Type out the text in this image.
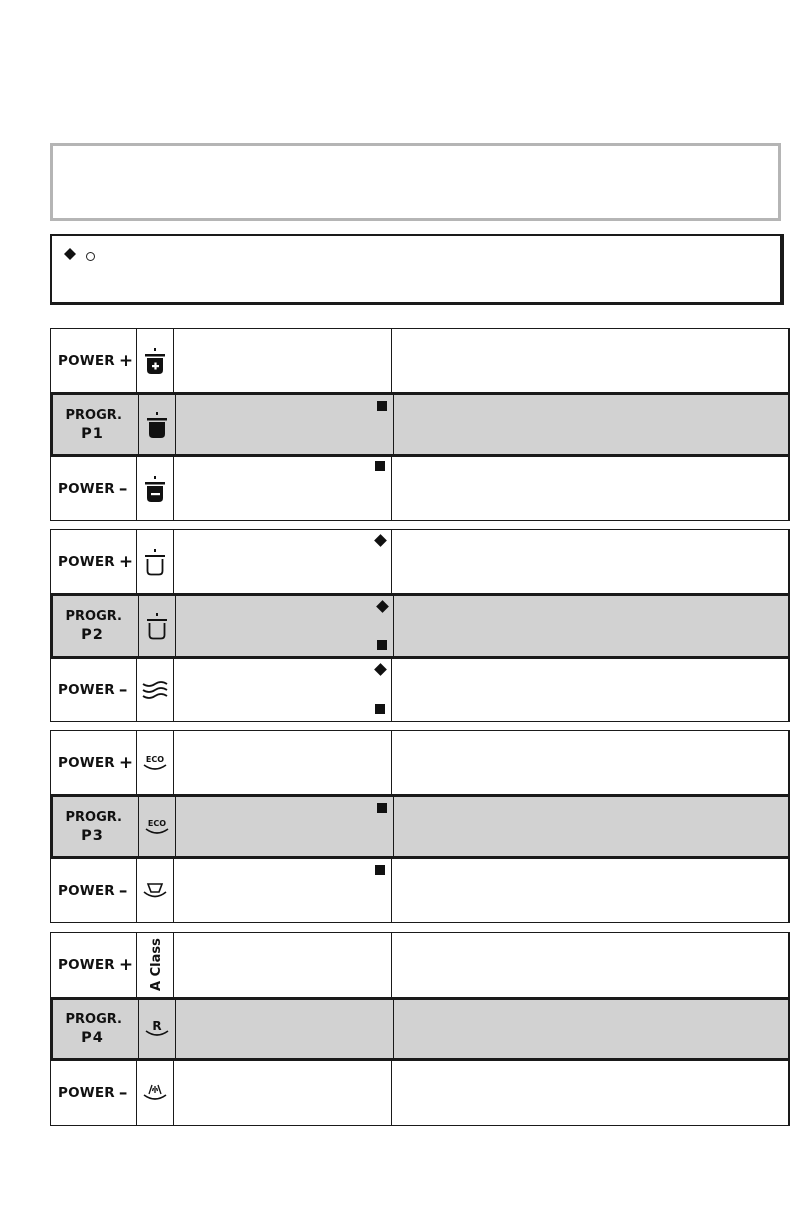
POWER +
PROGR.
P1
POWER –
POWER +
PROGR.
P2
POWER –
POWER + ECO
PROGR.
P3
ECO
POWER –
POWER + A Class
PROGR.
P4
R
POWER –
